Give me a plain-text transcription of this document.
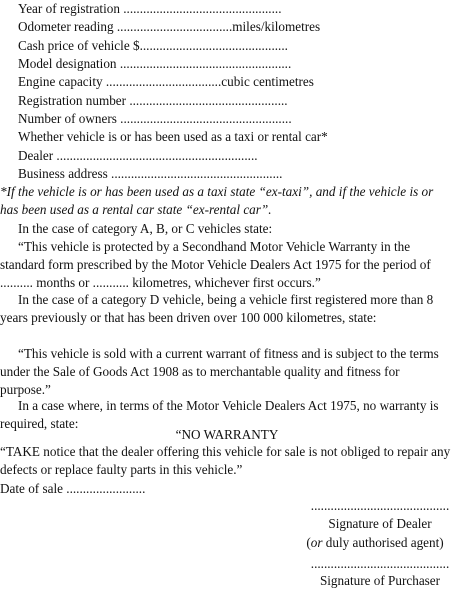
Year of registration ................................................
Odometer reading ...................................miles/kilometres
Cash price of vehicle $.............................................
Model designation ....................................................
Engine capacity ...................................cubic centimetres
Registration number ................................................
Number of owners ....................................................
Whether vehicle is or has been used as a taxi or rental car*
Dealer .............................................................
Business address ....................................................
*If the vehicle is or has been used as a taxi state “ex-taxi”, and if the vehicle is or has been used as a rental car state “ex-rental car”.
In the case of category A, B, or C vehicles state:
“This vehicle is protected by a Secondhand Motor Vehicle Warranty in the standard form prescribed by the Motor Vehicle Dealers Act 1975 for the period of .......... months or ........... kilometres, whichever first occurs.”
In the case of a category D vehicle, being a vehicle first registered more than 8 years previously or that has been driven over 100 000 kilometres, state:
“This vehicle is sold with a current warrant of fitness and is subject to the terms under the Sale of Goods Act 1908 as to merchantable quality and fitness for purpose.”
In a case where, in terms of the Motor Vehicle Dealers Act 1975, no warranty is required, state:
“NO WARRANTY
“TAKE notice that the dealer offering this vehicle for sale is not obliged to repair any defects or replace faulty parts in this vehicle.”
Date of sale ........................
..........................................
Signature of Dealer
(or duly authorised agent)
..........................................
Signature of Purchaser
